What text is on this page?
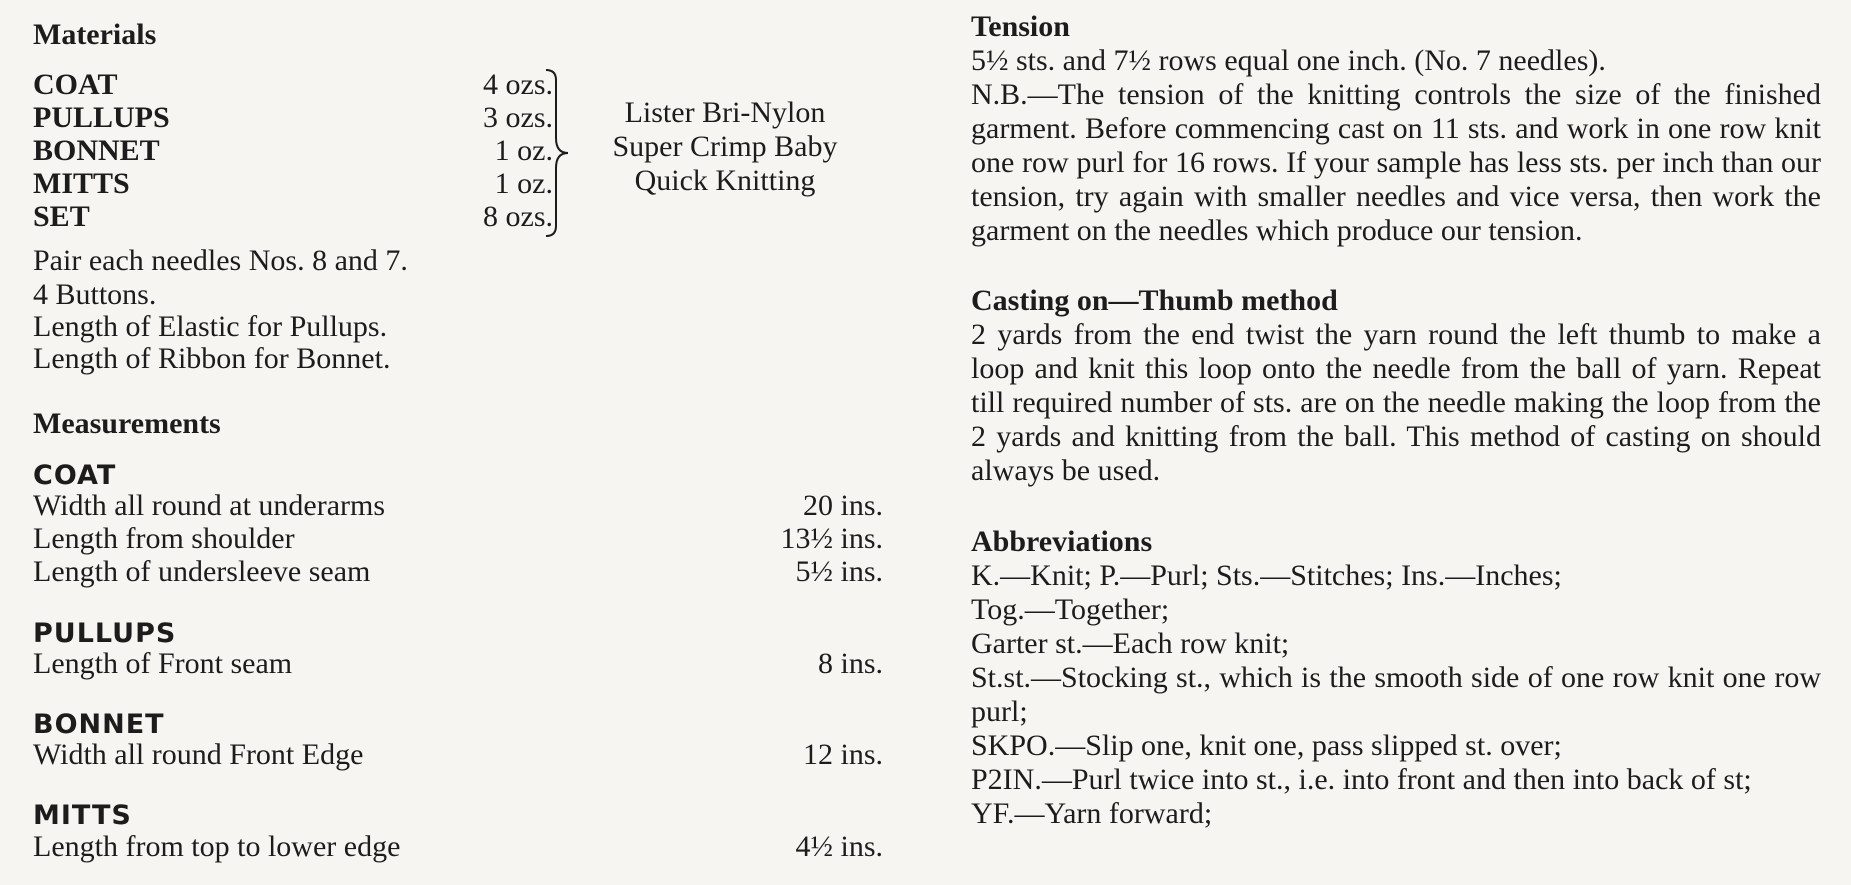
Materials
COAT	4 ozs.
PULLUPS	3 ozs.
BONNET	1 oz.
MITTS	1 oz.
SET	8 ozs.
Lister Bri-Nylon
Super Crimp Baby
Quick Knitting
Pair each needles Nos. 8 and 7.
4 Buttons.
Length of Elastic for Pullups.
Length of Ribbon for Bonnet.
Measurements
COAT
Width all round at underarms	20 ins.
Length from shoulder	13½ ins.
Length of undersleeve seam	5½ ins.
PULLUPS
Length of Front seam	8 ins.
BONNET
Width all round Front Edge	12 ins.
MITTS
Length from top to lower edge	4½ ins.
Tension
5½ sts. and 7½ rows equal one inch. (No. 7 needles).
N.B.—The tension of the knitting controls the size of the finished garment. Before commencing cast on 11 sts. and work in one row knit one row purl for 16 rows. If your sample has less sts. per inch than our tension, try again with smaller needles and vice versa, then work the garment on the needles which produce our tension.
Casting on—Thumb method
2 yards from the end twist the yarn round the left thumb to make a loop and knit this loop onto the needle from the ball of yarn. Repeat till required number of sts. are on the needle making the loop from the 2 yards and knitting from the ball. This method of casting on should always be used.
Abbreviations
K.—Knit; P.—Purl; Sts.—Stitches; Ins.—Inches;
Tog.—Together;
Garter st.—Each row knit;
St.st.—Stocking st., which is the smooth side of one row knit one row purl;
SKPO.—Slip one, knit one, pass slipped st. over;
P2IN.—Purl twice into st., i.e. into front and then into back of st;
YF.—Yarn forward;
